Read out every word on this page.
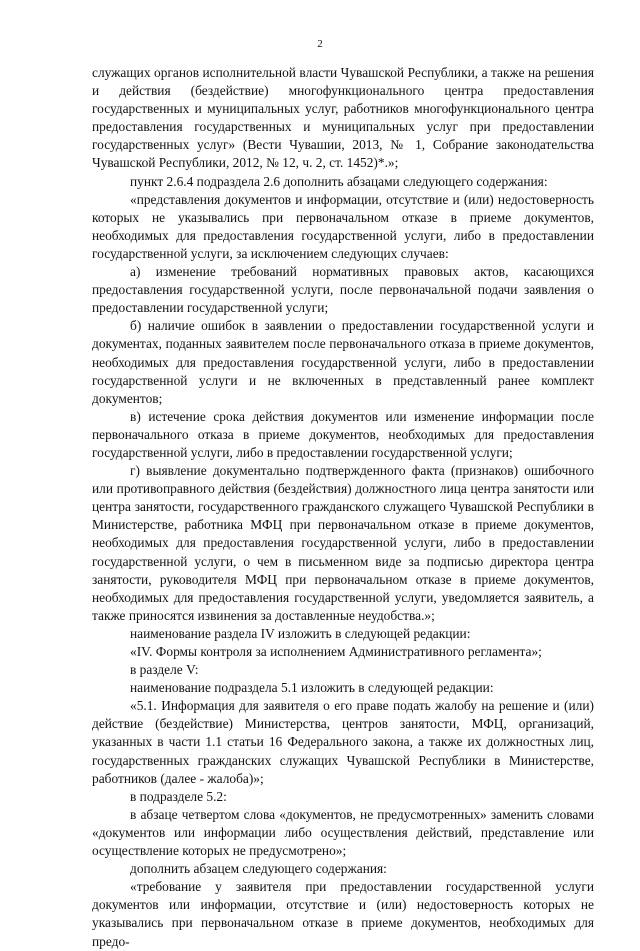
2

служащих органов исполнительной власти Чувашской Республики, а также на решения и действия (бездействие) многофункционального центра предоставления государственных и муниципальных услуг, работников многофункционального центра предоставления государственных и муниципальных услуг при предоставлении государственных услуг» (Вести Чувашии, 2013, № 1, Собрание законодательства Чувашской Республики, 2012, № 12, ч. 2, ст. 1452)*.»;

пункт 2.6.4 подраздела 2.6 дополнить абзацами следующего содержания:

«представления документов и информации, отсутствие и (или) недостоверность которых не указывались при первоначальном отказе в приеме документов, необходимых для предоставления государственной услуги, либо в предоставлении государственной услуги, за исключением следующих случаев:

а) изменение требований нормативных правовых актов, касающихся предоставления государственной услуги, после первоначальной подачи заявления о предоставлении государственной услуги;

б) наличие ошибок в заявлении о предоставлении государственной услуги и документах, поданных заявителем после первоначального отказа в приеме документов, необходимых для предоставления государственной услуги, либо в предоставлении государственной услуги и не включенных в представленный ранее комплект документов;

в) истечение срока действия документов или изменение информации после первоначального отказа в приеме документов, необходимых для предоставления государственной услуги, либо в предоставлении государственной услуги;

г) выявление документально подтвержденного факта (признаков) ошибочного или противоправного действия (бездействия) должностного лица центра занятости или центра занятости, государственного гражданского служащего Чувашской Республики в Министерстве, работника МФЦ при первоначальном отказе в приеме документов, необходимых для предоставления государственной услуги, либо в предоставлении государственной услуги, о чем в письменном виде за подписью директора центра занятости, руководителя МФЦ при первоначальном отказе в приеме документов, необходимых для предоставления государственной услуги, уведомляется заявитель, а также приносятся извинения за доставленные неудобства.»;

наименование раздела IV изложить в следующей редакции:

«IV. Формы контроля за исполнением Административного регламента»;

в разделе V:

наименование подраздела 5.1 изложить в следующей редакции:

«5.1. Информация для заявителя о его праве подать жалобу на решение и (или) действие (бездействие) Министерства, центров занятости, МФЦ, организаций, указанных в части 1.1 статьи 16 Федерального закона, а также их должностных лиц, государственных гражданских служащих Чувашской Республики в Министерстве, работников (далее - жалоба)»;

в подразделе 5.2:

в абзаце четвертом слова «документов, не предусмотренных» заменить словами «документов или информации либо осуществления действий, представление или осуществление которых не предусмотрено»;

дополнить абзацем следующего содержания:

«требование у заявителя при предоставлении государственной услуги документов или информации, отсутствие и (или) недостоверность которых не указывались при первоначальном отказе в приеме документов, необходимых для предо-
